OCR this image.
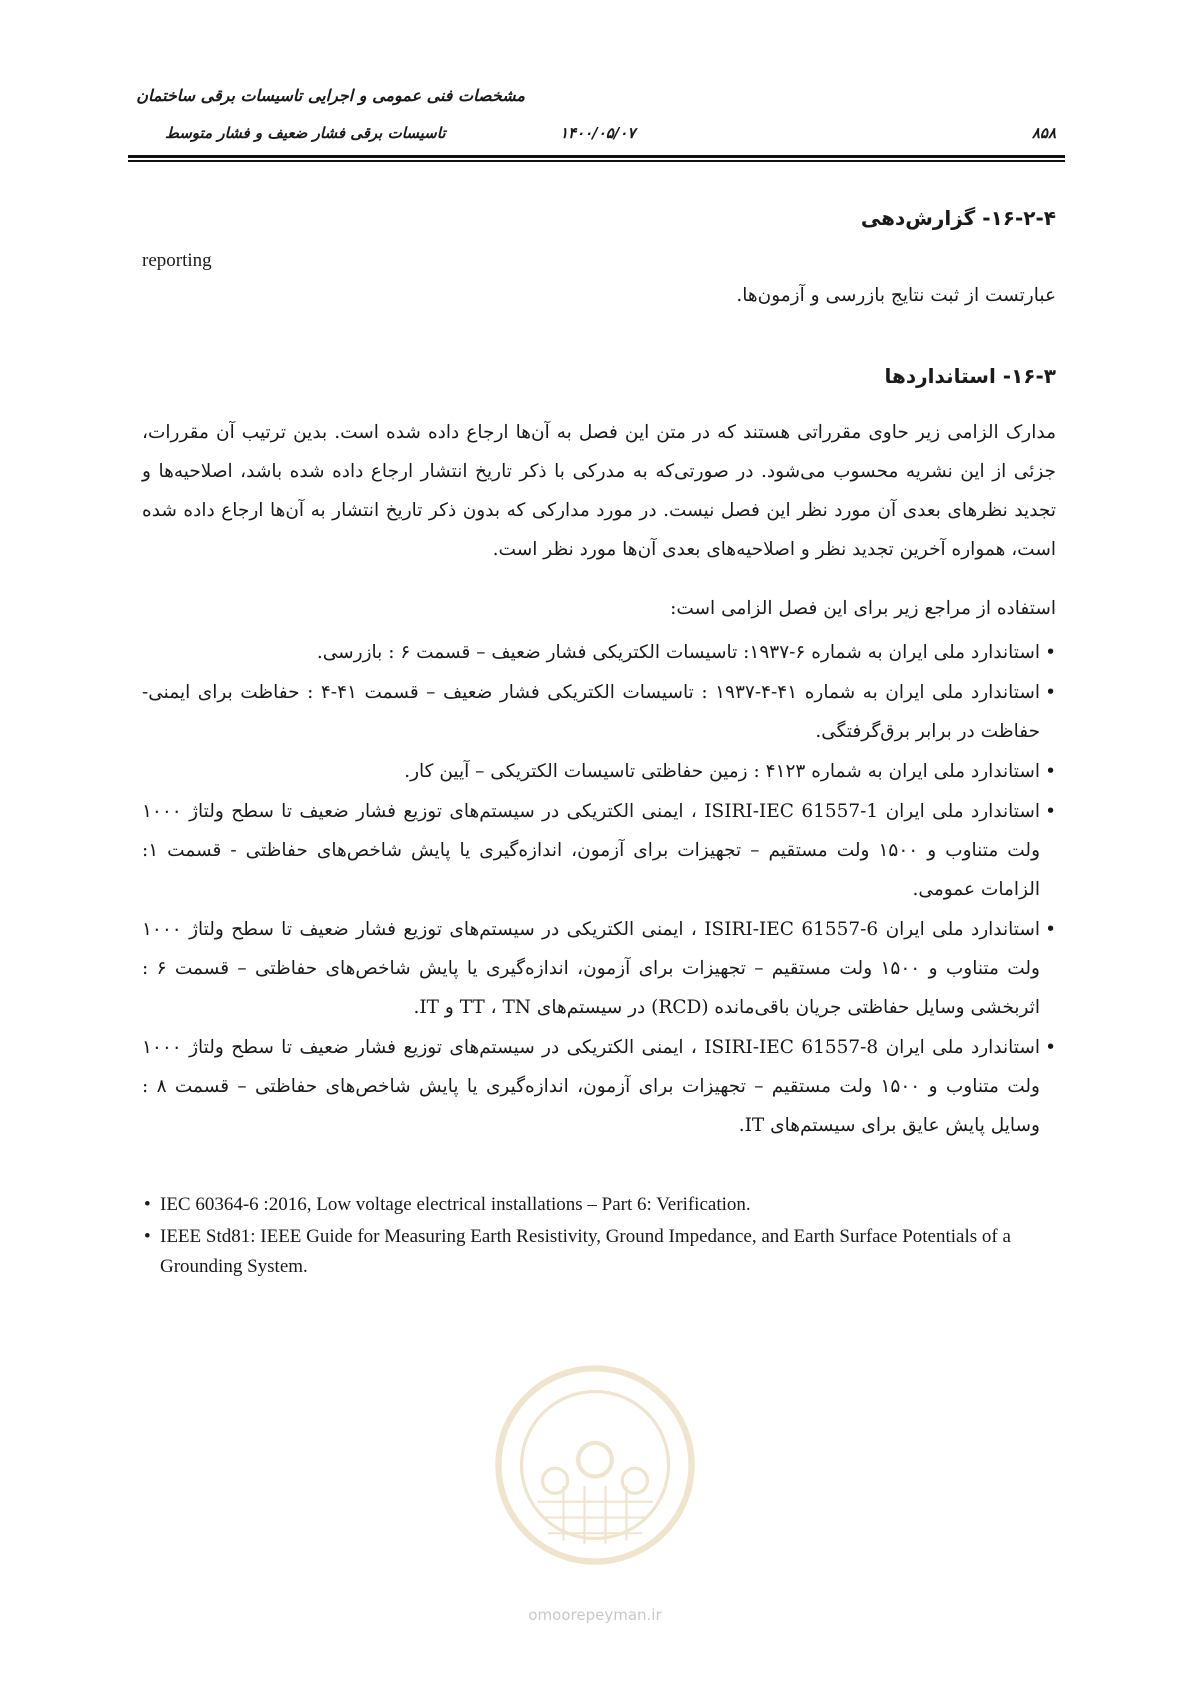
مشخصات فنی عمومی و اجرایی تاسیسات برقی ساختمان
تاسیسات برقی فشار ضعیف و فشار متوسط	۱۴۰۰/۰۵/۰۷	۸۵۸
۱۶-۲-۴- گزارش‌دهی
reporting
عبارتست از ثبت نتایج بازرسی و آزمون‌ها.
۱۶-۳- استانداردها
مدارک الزامی زیر حاوی مقرراتی هستند که در متن این فصل به آن‌ها ارجاع داده شده است. بدین ترتیب آن مقررات، جزئی از این نشریه محسوب می‌شود. در صورتی‌که به مدرکی با ذکر تاریخ انتشار ارجاع داده شده باشد، اصلاحیه‌ها و تجدید نظرهای بعدی آن مورد نظر این فصل نیست. در مورد مدارکی که بدون ذکر تاریخ انتشار به آن‌ها ارجاع داده شده است، همواره آخرین تجدید نظر و اصلاحیه‌های بعدی آن‌ها مورد نظر است.
استفاده از مراجع زیر برای این فصل الزامی است:
• استاندارد ملی ایران به شماره ۶-۱۹۳۷: تاسیسات الکتریکی فشار ضعیف – قسمت ۶ : بازرسی.
• استاندارد ملی ایران به شماره ۴۱-۴-۱۹۳۷ : تاسیسات الکتریکی فشار ضعیف – قسمت ۴۱-۴ : حفاظت برای ایمنی- حفاظت در برابر برق‌گرفتگی.
• استاندارد ملی ایران به شماره ۴۱۲۳ : زمین حفاظتی تاسیسات الکتریکی – آیین کار.
• استاندارد ملی ایران ISIRI-IEC 61557-1 ، ایمنی الکتریکی در سیستم‌های توزیع فشار ضعیف تا سطح ولتاژ ۱۰۰۰ ولت متناوب و ۱۵۰۰ ولت مستقیم – تجهیزات برای آزمون، اندازه‌گیری یا پایش شاخص‌های حفاظتی - قسمت ۱: الزامات عمومی.
• استاندارد ملی ایران ISIRI-IEC 61557-6 ، ایمنی الکتریکی در سیستم‌های توزیع فشار ضعیف تا سطح ولتاژ ۱۰۰۰ ولت متناوب و ۱۵۰۰ ولت مستقیم – تجهیزات برای آزمون، اندازه‌گیری یا پایش شاخص‌های حفاظتی – قسمت ۶ : اثربخشی وسایل حفاظتی جریان باقی‌مانده (RCD) در سیستم‌های TT ، TN و IT.
• استاندارد ملی ایران ISIRI-IEC 61557-8 ، ایمنی الکتریکی در سیستم‌های توزیع فشار ضعیف تا سطح ولتاژ ۱۰۰۰ ولت متناوب و ۱۵۰۰ ولت مستقیم – تجهیزات برای آزمون، اندازه‌گیری یا پایش شاخص‌های حفاظتی – قسمت ۸ : وسایل پایش عایق برای سیستم‌های IT.
• IEC 60364-6 :2016, Low voltage electrical installations – Part 6: Verification.
• IEEE Std81: IEEE Guide for Measuring Earth Resistivity, Ground Impedance, and Earth Surface Potentials of a Grounding System.
omoorepeyman.ir
